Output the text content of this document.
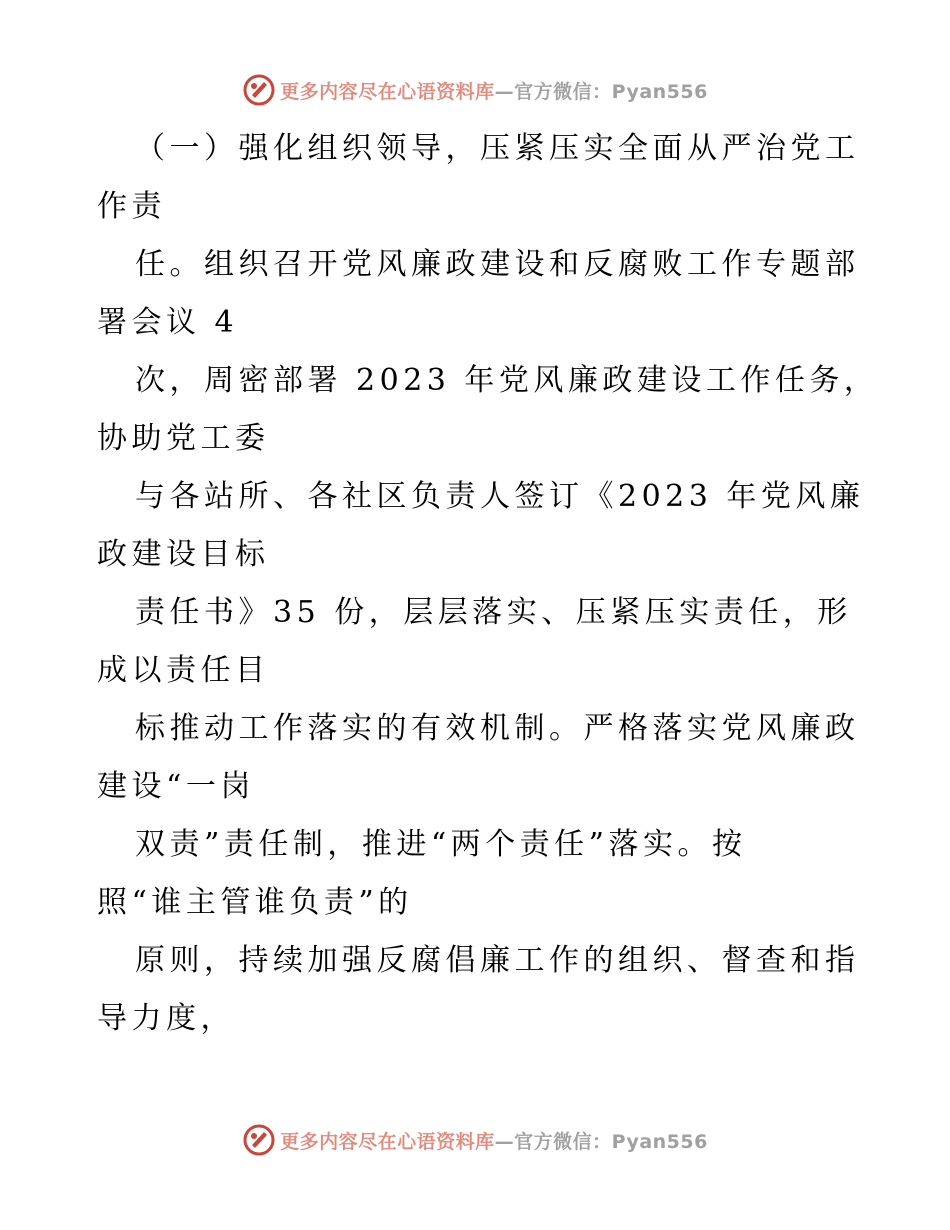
更多内容尽在心语资料库—官方微信：Pyan556
（一）强化组织领导，压紧压实全面从严治党工
作责
任。组织召开党风廉政建设和反腐败工作专题部
署会议 4
次，周密部署 2023 年党风廉政建设工作任务，
协助党工委
与各站所、各社区负责人签订《2023 年党风廉
政建设目标
责任书》35 份，层层落实、压紧压实责任，形
成以责任目
标推动工作落实的有效机制。严格落实党风廉政
建设“一岗
双责”责任制，推进“两个责任”落实。按
照“谁主管谁负责”的
原则，持续加强反腐倡廉工作的组织、督查和指
导力度，
更多内容尽在心语资料库—官方微信：Pyan556
